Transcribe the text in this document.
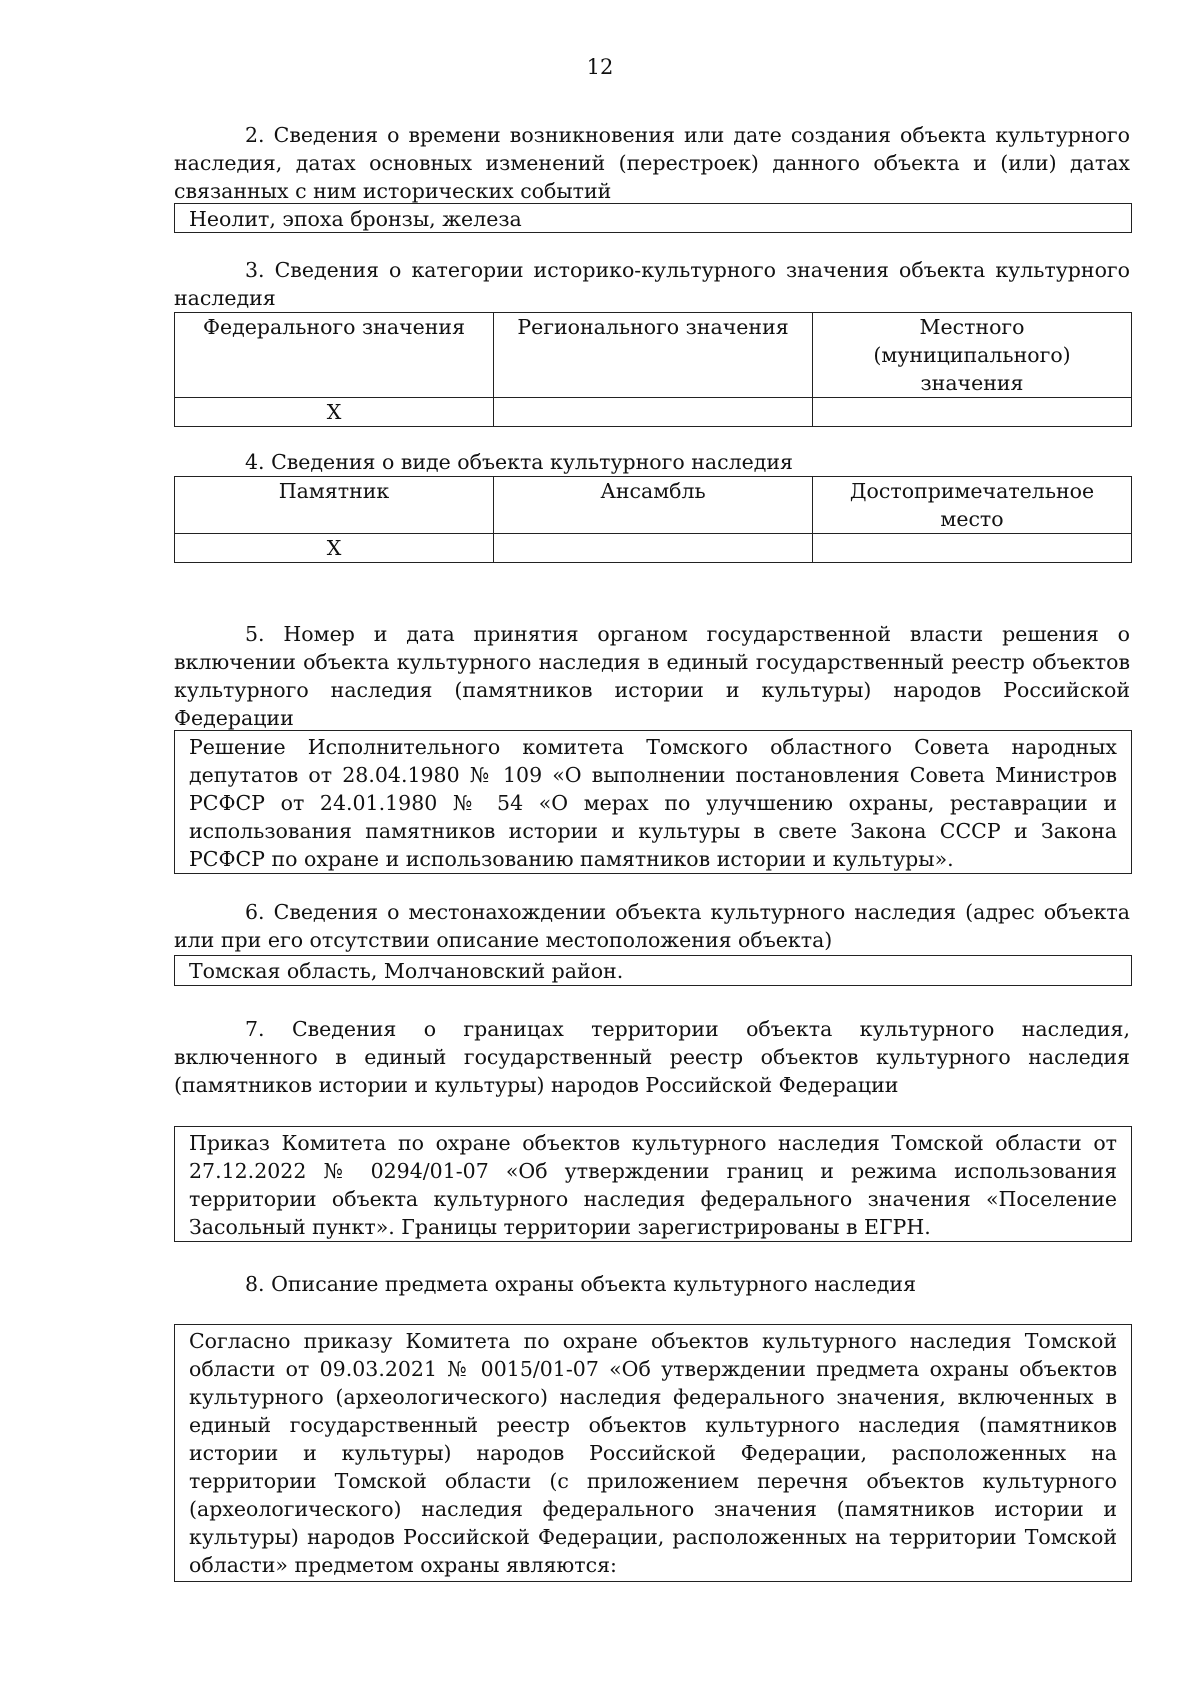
12
2. Сведения о времени возникновения или дате создания объекта культурного наследия, датах основных изменений (перестроек) данного объекта и (или) датах связанных с ним исторических событий
Неолит, эпоха бронзы, железа
3. Сведения о категории историко-культурного значения объекта культурного наследия
Федерального значения	Регионального значения	Местного (муниципального) значения
Х		
4. Сведения о виде объекта культурного наследия
Памятник	Ансамбль	Достопримечательное место
Х		
5. Номер и дата принятия органом государственной власти решения о включении объекта культурного наследия в единый государственный реестр объектов культурного наследия (памятников истории и культуры) народов Российской Федерации
Решение Исполнительного комитета Томского областного Совета народных депутатов от 28.04.1980 № 109 «О выполнении постановления Совета Министров РСФСР от 24.01.1980 № 54 «О мерах по улучшению охраны, реставрации и использования памятников истории и культуры в свете Закона СССР и Закона РСФСР по охране и использованию памятников истории и культуры».
6. Сведения о местонахождении объекта культурного наследия (адрес объекта или при его отсутствии описание местоположения объекта)
Томская область, Молчановский район.
7. Сведения о границах территории объекта культурного наследия, включенного в единый государственный реестр объектов культурного наследия (памятников истории и культуры) народов Российской Федерации
Приказ Комитета по охране объектов культурного наследия Томской области от 27.12.2022 № 0294/01-07 «Об утверждении границ и режима использования территории объекта культурного наследия федерального значения «Поселение Засольный пункт». Границы территории зарегистрированы в ЕГРН.
8. Описание предмета охраны объекта культурного наследия
Согласно приказу Комитета по охране объектов культурного наследия Томской области от 09.03.2021 № 0015/01-07 «Об утверждении предмета охраны объектов культурного (археологического) наследия федерального значения, включенных в единый государственный реестр объектов культурного наследия (памятников истории и культуры) народов Российской Федерации, расположенных на территории Томской области (с приложением перечня объектов культурного (археологического) наследия федерального значения (памятников истории и культуры) народов Российской Федерации, расположенных на территории Томской области» предметом охраны являются:
